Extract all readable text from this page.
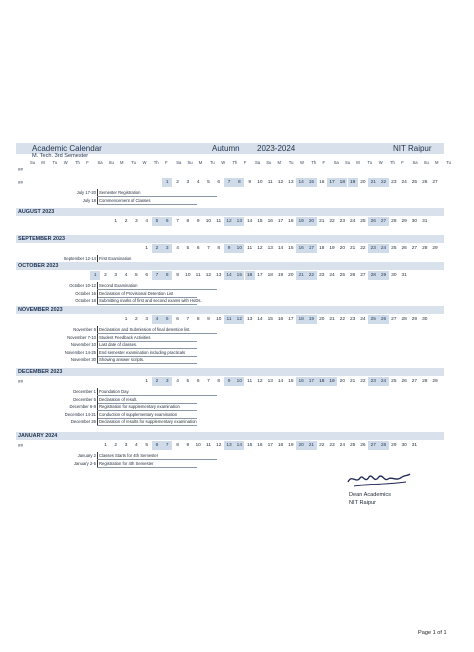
Academic Calendar	Autumn 2023-2024	NIT Raipur
M. Tech. 3rd Semester
Su M Tu W Th F Sa Su M Tu W Th F Sa Su M Tu W Th F Sa Su M Tu W Th F Sa Su M Tu W Th F Sa Su M Tu
##
##	1	2	3	4	5	6	7	8	9	10	11	12	13	14	15	16	17	18	19	20	21	22	23	24	25	26	27
July 17-20 Semester Registration
July 18 Commencement of Classes
AUGUST 2023
1	2	3	4	5	6	7	8	9	10	11	12	13	14	15	16	17	18	19	20	21	22	23	24	25	26	27	28	29	30	31
SEPTEMBER 2023
1	2	3	4	5	6	7	8	9	10	11	12	13	14	15	16	17	18	19	20	21	22	23	24	25	26	27	28	29
September 12-14 First Examination
OCTOBER 2023
1	2	3	4	5	6	7	8	9	10	11	12	13	14	15	16	17	18	19	20	21	22	23	24	25	26	27	28	29	30	31
October 10-12 Second Examination
October 16 Declaration of Provisional Detention List
October 18 Submitting marks of first and second exams with HoDs.
NOVEMBER 2023
1	2	3	4	5	6	7	8	9	10	11	12	13	14	15	16	17	18	19	20	21	22	23	24	25	26	27	28	29	30
November 6 Declaration and Submission of final detention list.
November 7-10 Student Feedback Activities
November 10 Last date of classes.
November 14-25 End semester examination including practicals
November 30 Showing answer scripts.
DECEMBER 2023
##	1	2	3	4	5	6	7	8	9	10	11	12	13	14	15	16	17	18	19	20	21	22	23	24	25	26	27	28	29
December 1 Foundation Day.
December 5 Declaration of result.
December 6-8 Registration for supplementary examination
December 14-21 Conduction of supplementary examination
December 26 Declaration of results for supplementary examination
JANUARY 2024
##	1	2	3	4	5	6	7	8	9	10	11	12	13	14	15	16	17	18	19	20	21	22	23	24	25	26	27	28	29	30	31
January 2 Classes Starts for 4th Semester
January 2-5 Registration for 4th Semester
Dean Academics
NIT Raipur
Page 1 of 1
